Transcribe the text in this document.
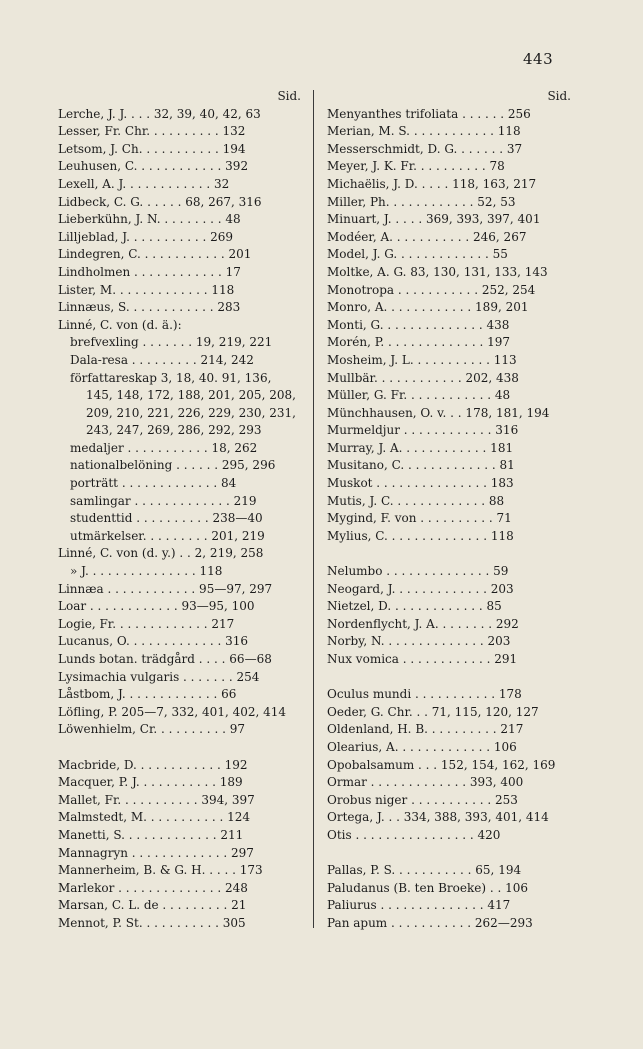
443
Sid.
Lerche, J. J. . . . 32, 39, 40, 42, 63
Lesser, Fr. Chr. . . . . . . . . . 132
Letsom, J. Ch. . . . . . . . . . . 194
Leuhusen, C. . . . . . . . . . . . 392
Lexell, A. J. . . . . . . . . . . . 32
Lidbeck, C. G. . . . . . 68, 267, 316
Lieberkühn, J. N. . . . . . . . . 48
Lilljeblad, J. . . . . . . . . . . 269
Lindegren, C. . . . . . . . . . . . 201
Lindholmen . . . . . . . . . . . . 17
Lister, M. . . . . . . . . . . . . 118
Linnæus, S. . . . . . . . . . . . 283
Linné, C. von (d. ä.):
brefvexling . . . . . . . 19, 219, 221
Dala-resa . . . . . . . . . 214, 242
författareskap 3, 18, 40. 91, 136,
145, 148, 172, 188, 201, 205, 208,
209, 210, 221, 226, 229, 230, 231,
243, 247, 269, 286, 292, 293
medaljer . . . . . . . . . . . 18, 262
nationalbelöning . . . . . . 295, 296
porträtt . . . . . . . . . . . . . 84
samlingar . . . . . . . . . . . . . 219
studenttid . . . . . . . . . . 238—40
utmärkelser. . . . . . . . . 201, 219
Linné, C. von (d. y.) . . 2, 219, 258
» J. . . . . . . . . . . . . . . 118
Linnæa . . . . . . . . . . . . 95—97, 297
Loar . . . . . . . . . . . . 93—95, 100
Logie, Fr. . . . . . . . . . . . . 217
Lucanus, O. . . . . . . . . . . . . 316
Lunds botan. trädgård . . . . 66—68
Lysimachia vulgaris . . . . . . . 254
Låstbom, J. . . . . . . . . . . . . 66
Löfling, P. 205—7, 332, 401, 402, 414
Löwenhielm, Cr. . . . . . . . . . 97
Macbride, D. . . . . . . . . . . . 192
Macquer, P. J. . . . . . . . . . . 189
Mallet, Fr. . . . . . . . . . . 394, 397
Malmstedt, M. . . . . . . . . . . 124
Manetti, S. . . . . . . . . . . . . 211
Mannagryn . . . . . . . . . . . . . 297
Mannerheim, B. & G. H. . . . . 173
Marlekor . . . . . . . . . . . . . . 248
Marsan, C. L. de . . . . . . . . . 21
Mennot, P. St. . . . . . . . . . . 305
Sid.
Menyanthes trifoliata . . . . . . 256
Merian, M. S. . . . . . . . . . . . 118
Messerschmidt, D. G. . . . . . . 37
Meyer, J. K. Fr. . . . . . . . . . 78
Michaëlis, J. D. . . . . 118, 163, 217
Miller, Ph. . . . . . . . . . . . 52, 53
Minuart, J. . . . . 369, 393, 397, 401
Modéer, A. . . . . . . . . . . 246, 267
Model, J. G. . . . . . . . . . . . . 55
Moltke, A. G. 83, 130, 131, 133, 143
Monotropa . . . . . . . . . . . 252, 254
Monro, A. . . . . . . . . . . . 189, 201
Monti, G. . . . . . . . . . . . . . 438
Morén, P. . . . . . . . . . . . . . 197
Mosheim, J. L. . . . . . . . . . . 113
Mullbär. . . . . . . . . . . . 202, 438
Müller, G. Fr. . . . . . . . . . . . 48
Münchhausen, O. v. . . 178, 181, 194
Murmeldjur . . . . . . . . . . . . 316
Murray, J. A. . . . . . . . . . . . 181
Musitano, C. . . . . . . . . . . . . 81
Muskot . . . . . . . . . . . . . . . 183
Mutis, J. C. . . . . . . . . . . . . 88
Mygind, F. von . . . . . . . . . . 71
Mylius, C. . . . . . . . . . . . . . 118
Nelumbo . . . . . . . . . . . . . . 59
Neogard, J. . . . . . . . . . . . . 203
Nietzel, D. . . . . . . . . . . . . 85
Nordenflycht, J. A. . . . . . . . 292
Norby, N. . . . . . . . . . . . . . 203
Nux vomica . . . . . . . . . . . . 291
Oculus mundi . . . . . . . . . . . 178
Oeder, G. Chr. . . 71, 115, 120, 127
Oldenland, H. B. . . . . . . . . . 217
Olearius, A. . . . . . . . . . . . . 106
Opobalsamum . . . 152, 154, 162, 169
Ormar . . . . . . . . . . . . . 393, 400
Orobus niger . . . . . . . . . . . 253
Ortega, J. . . 334, 388, 393, 401, 414
Otis . . . . . . . . . . . . . . . . 420
Pallas, P. S. . . . . . . . . . . 65, 194
Paludanus (B. ten Broeke) . . 106
Paliurus . . . . . . . . . . . . . . 417
Pan apum . . . . . . . . . . . 262—293
